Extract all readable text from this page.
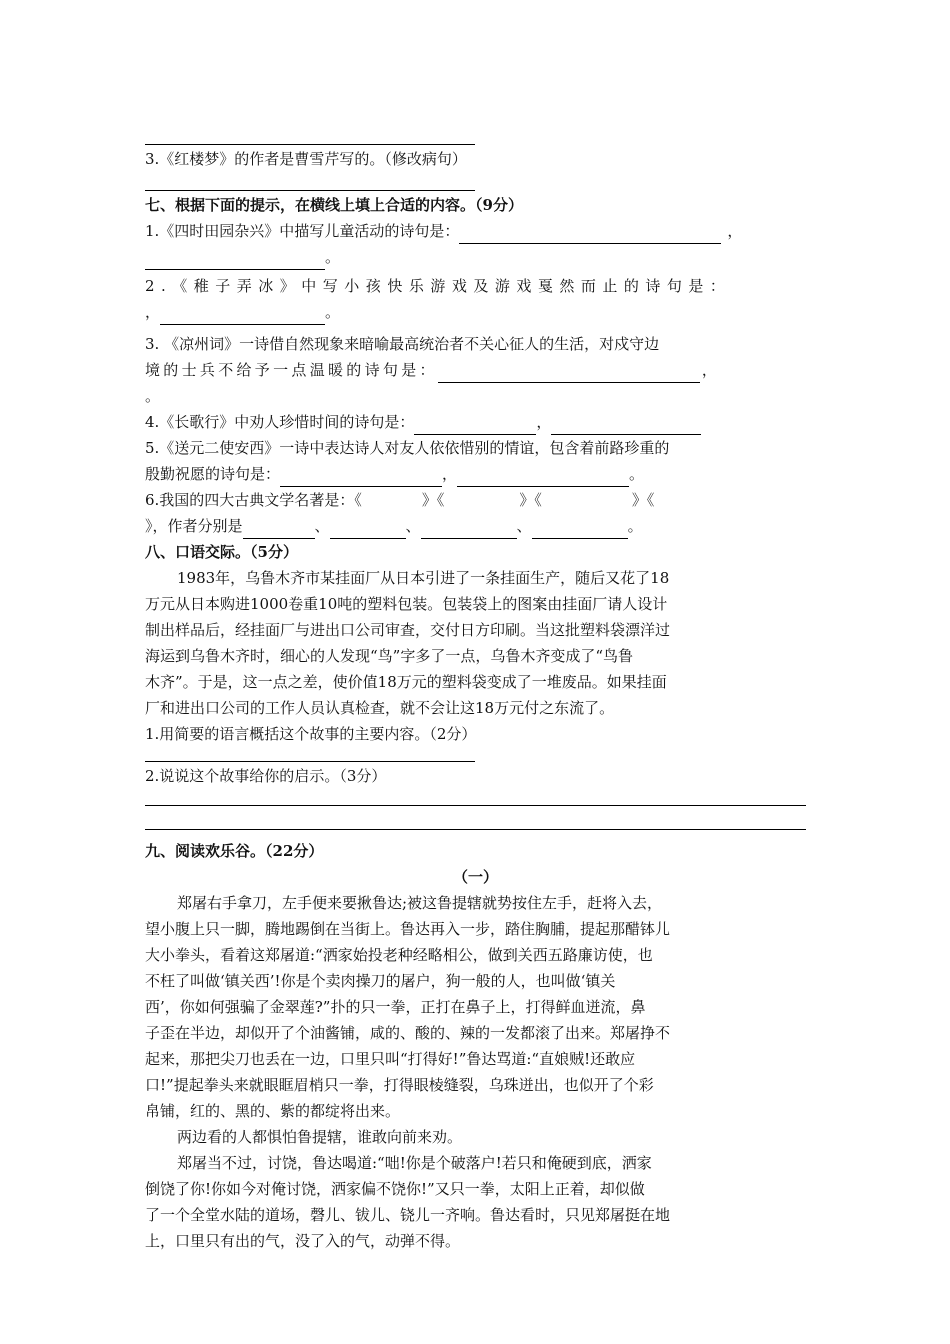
3.《红楼梦》的作者是曹雪芹写的。（修改病句）
七、根据下面的提示，在横线上填上合适的内容。（9分）
1.《四时田园杂兴》中描写儿童活动的诗句是：	，
。
2.《稚子弄冰》中写小孩快乐游戏及游戏戛然而止的诗句是：
，	。
3. 《凉州词》一诗借自然现象来暗喻最高统治者不关心征人的生活，对戍守边
境的士兵不给予一点温暖的诗句是：	，
。
4.《长歌行》中劝人珍惜时间的诗句是：	，
5.《送元二使安西》一诗中表达诗人对友人依依惜别的情谊，包含着前路珍重的
殷勤祝愿的诗句是：	，	。
6.我国的四大古典文学名著是：《　　　　》《　　　　　》《　　　　　　》《
》，作者分别是	、	、	、	。
八、口语交际。（5分）
1983年，乌鲁木齐市某挂面厂从日本引进了一条挂面生产，随后又花了18
万元从日本购进1000卷重10吨的塑料包装。包装袋上的图案由挂面厂请人设计
制出样品后，经挂面厂与进出口公司审查，交付日方印刷。当这批塑料袋漂洋过
海运到乌鲁木齐时，细心的人发现“鸟”字多了一点，乌鲁木齐变成了“鸟鲁
木齐”。于是，这一点之差，使价值18万元的塑料袋变成了一堆废品。如果挂面
厂和进出口公司的工作人员认真检查，就不会让这18万元付之东流了。
1.用简要的语言概括这个故事的主要内容。（2分）
2.说说这个故事给你的启示。（3分）
九、阅读欢乐谷。（22分）
（一）
郑屠右手拿刀，左手便来要揪鲁达;被这鲁提辖就势按住左手，赶将入去，
望小腹上只一脚，腾地踢倒在当街上。鲁达再入一步，踏住胸脯，提起那醋钵儿
大小拳头，看着这郑屠道:“洒家始投老种经略相公，做到关西五路廉访使，也
不枉了叫做‘镇关西’!你是个卖肉操刀的屠户，狗一般的人，也叫做‘镇关
西’，你如何强骗了金翠莲?”扑的只一拳，正打在鼻子上，打得鲜血迸流，鼻
子歪在半边，却似开了个油酱铺，咸的、酸的、辣的一发都滚了出来。郑屠挣不
起来，那把尖刀也丢在一边，口里只叫“打得好!”鲁达骂道:“直娘贼!还敢应
口!”提起拳头来就眼眶眉梢只一拳，打得眼棱缝裂，乌珠迸出，也似开了个彩
帛铺，红的、黑的、紫的都绽将出来。
两边看的人都惧怕鲁提辖，谁敢向前来劝。
郑屠当不过，讨饶，鲁达喝道:“咄!你是个破落户!若只和俺硬到底，洒家
倒饶了你!你如今对俺讨饶，洒家偏不饶你!”又只一拳，太阳上正着，却似做
了一个全堂水陆的道场，磬儿、钹儿、铙儿一齐响。鲁达看时，只见郑屠挺在地
上，口里只有出的气，没了入的气，动弹不得。
